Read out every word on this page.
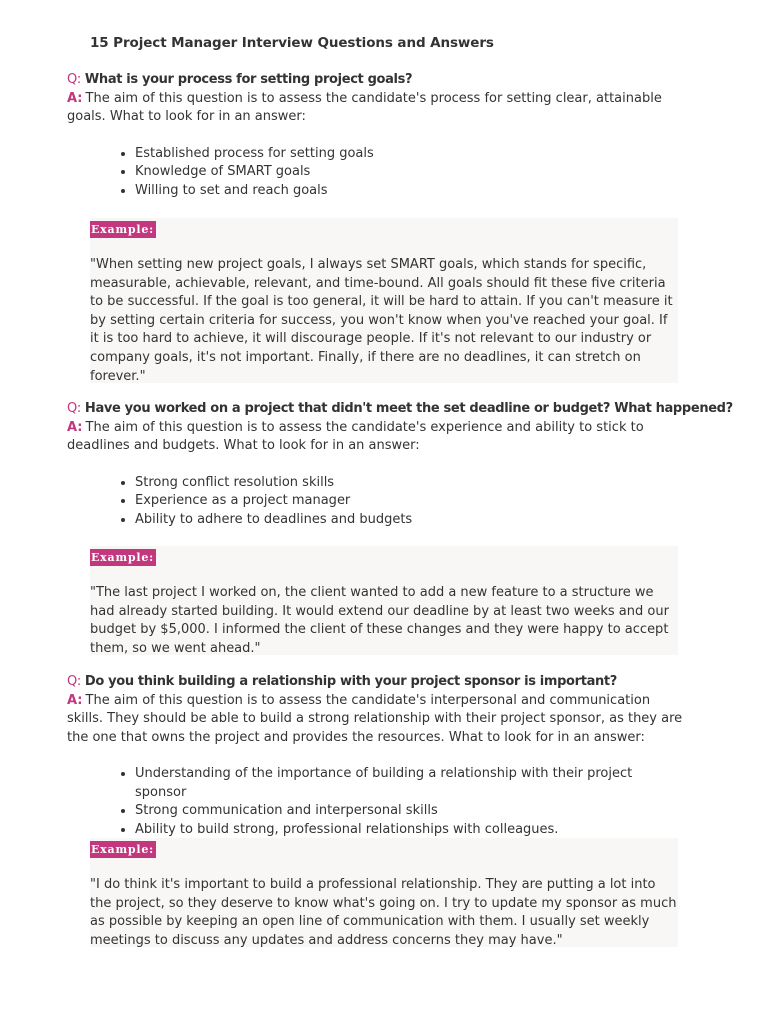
15 Project Manager Interview Questions and Answers
Q: What is your process for setting project goals?

A: The aim of this question is to assess the candidate's process for setting clear, attainable goals. What to look for in an answer:

• Established process for setting goals
• Knowledge of SMART goals
• Willing to set and reach goals
Example:

"When setting new project goals, I always set SMART goals, which stands for specific, measurable, achievable, relevant, and time-bound. All goals should fit these five criteria to be successful. If the goal is too general, it will be hard to attain. If you can't measure it by setting certain criteria for success, you won't know when you've reached your goal. If it is too hard to achieve, it will discourage people. If it's not relevant to our industry or company goals, it's not important. Finally, if there are no deadlines, it can stretch on forever."

Q: Have you worked on a project that didn't meet the set deadline or budget? What happened?

A: The aim of this question is to assess the candidate's experience and ability to stick to deadlines and budgets. What to look for in an answer:

• Strong conflict resolution skills
• Experience as a project manager
• Ability to adhere to deadlines and budgets
Example:

"The last project I worked on, the client wanted to add a new feature to a structure we had already started building. It would extend our deadline by at least two weeks and our budget by $5,000. I informed the client of these changes and they were happy to accept them, so we went ahead."

Q: Do you think building a relationship with your project sponsor is important?

A: The aim of this question is to assess the candidate's interpersonal and communication skills. They should be able to build a strong relationship with their project sponsor, as they are the one that owns the project and provides the resources. What to look for in an answer:

• Understanding of the importance of building a relationship with their project sponsor
• Strong communication and interpersonal skills
• Ability to build strong, professional relationships with colleagues.
Example:

"I do think it's important to build a professional relationship. They are putting a lot into the project, so they deserve to know what's going on. I try to update my sponsor as much as possible by keeping an open line of communication with them. I usually set weekly meetings to discuss any updates and address concerns they may have."
